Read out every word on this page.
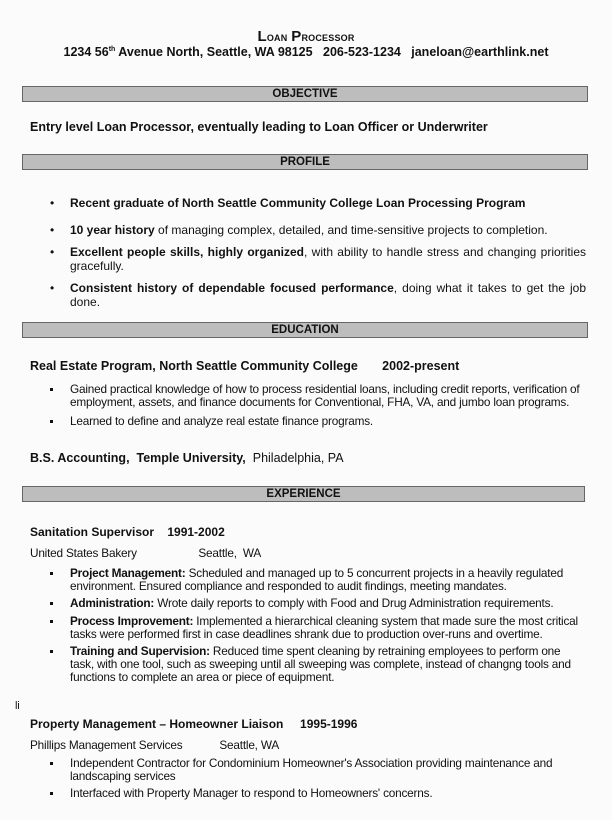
Loan Processor
1234 56th Avenue North, Seattle, WA 98125   206-523-1234   janeloan@earthlink.net
OBJECTIVE
Entry level Loan Processor, eventually leading to Loan Officer or Underwriter
PROFILE
• Recent graduate of North Seattle Community College Loan Processing Program
• 10 year history of managing complex, detailed, and time-sensitive projects to completion.
• Excellent people skills, highly organized, with ability to handle stress and changing priorities gracefully.
• Consistent history of dependable focused performance, doing what it takes to get the job done.
EDUCATION
Real Estate Program, North Seattle Community College       2002-present
Gained practical knowledge of how to process residential loans, including credit reports, verification of employment, assets, and finance documents for Conventional, FHA, VA, and jumbo loan programs.
Learned to define and analyze real estate finance programs.
B.S. Accounting,  Temple University,  Philadelphia, PA
EXPERIENCE
Sanitation Supervisor    1991-2002
United States Bakery                    Seattle,  WA
Project Management: Scheduled and managed up to 5 concurrent projects in a heavily regulated environment. Ensured compliance and responded to audit findings, meeting mandates.
Administration: Wrote daily reports to comply with Food and Drug Administration requirements.
Process Improvement: Implemented a hierarchical cleaning system that made sure the most critical tasks were performed first in case deadlines shrank due to production over-runs and overtime.
Training and Supervision: Reduced time spent cleaning by retraining employees to perform one task, with one tool, such as sweeping until all sweeping was complete, instead of changng tools and functions to complete an area or piece of equipment.
li
Property Management – Homeowner Liaison     1995-1996
Phillips Management Services            Seattle, WA
Independent Contractor for Condominium Homeowner's Association providing maintenance and landscaping services
Interfaced with Property Manager to respond to Homeowners' concerns.
